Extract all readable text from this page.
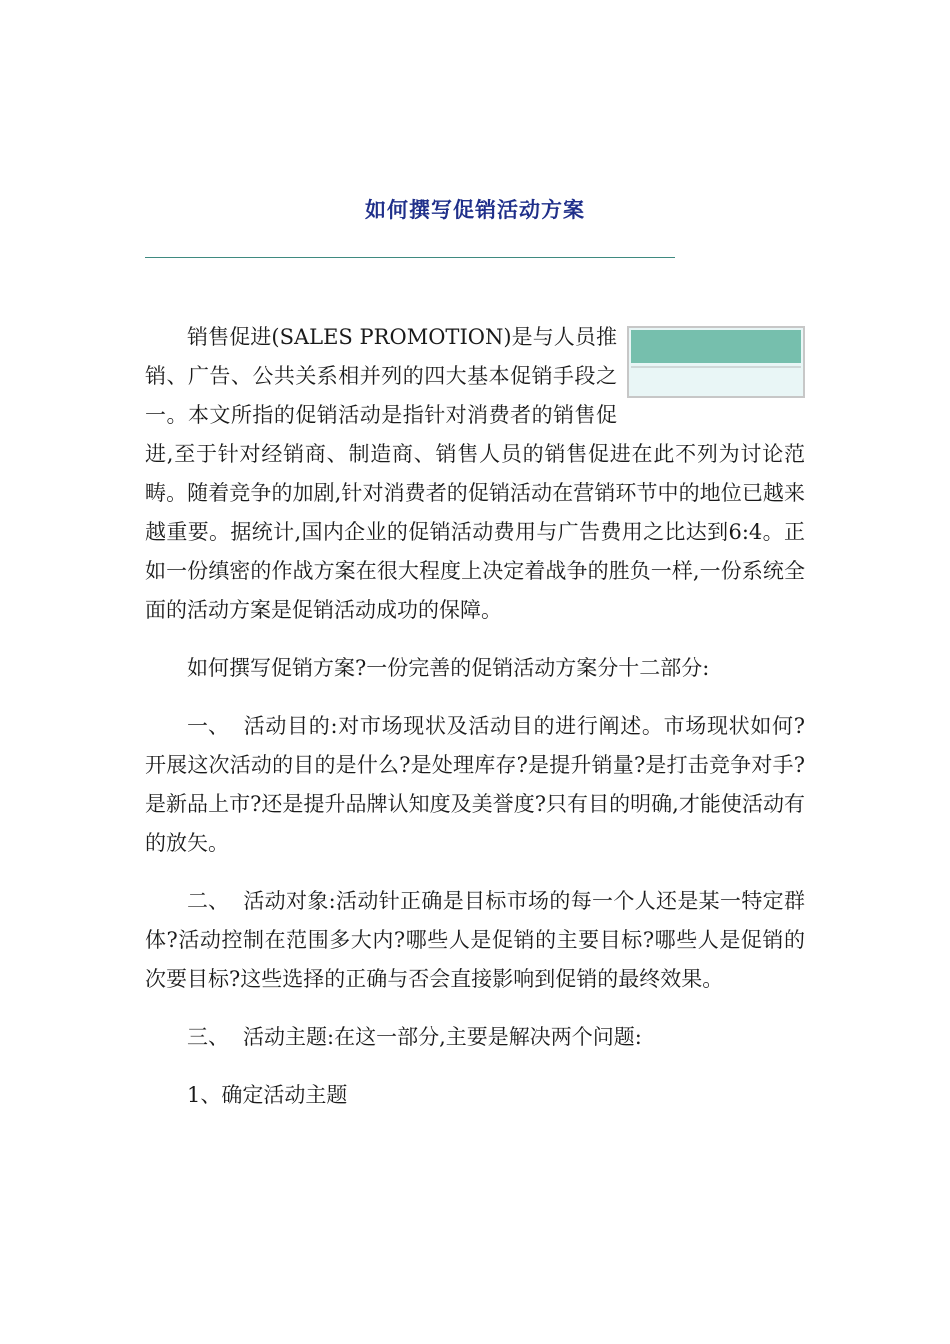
如何撰写促销活动方案

销售促进(SALES PROMOTION)是与人员推销、广告、公共关系相并列的四大基本促销手段之一。本文所指的促销活动是指针对消费者的销售促进,至于针对经销商、制造商、销售人员的销售促进在此不列为讨论范畴。随着竞争的加剧,针对消费者的促销活动在营销环节中的地位已越来越重要。据统计,国内企业的促销活动费用与广告费用之比达到6:4。正如一份缜密的作战方案在很大程度上决定着战争的胜负一样,一份系统全面的活动方案是促销活动成功的保障。

如何撰写促销方案?一份完善的促销活动方案分十二部分:

一、 活动目的:对市场现状及活动目的进行阐述。市场现状如何?开展这次活动的目的是什么?是处理库存?是提升销量?是打击竞争对手?是新品上市?还是提升品牌认知度及美誉度?只有目的明确,才能使活动有的放矢。

二、 活动对象:活动针正确是目标市场的每一个人还是某一特定群体?活动控制在范围多大内?哪些人是促销的主要目标?哪些人是促销的次要目标?这些选择的正确与否会直接影响到促销的最终效果。

三、 活动主题:在这一部分,主要是解决两个问题:

1、确定活动主题
